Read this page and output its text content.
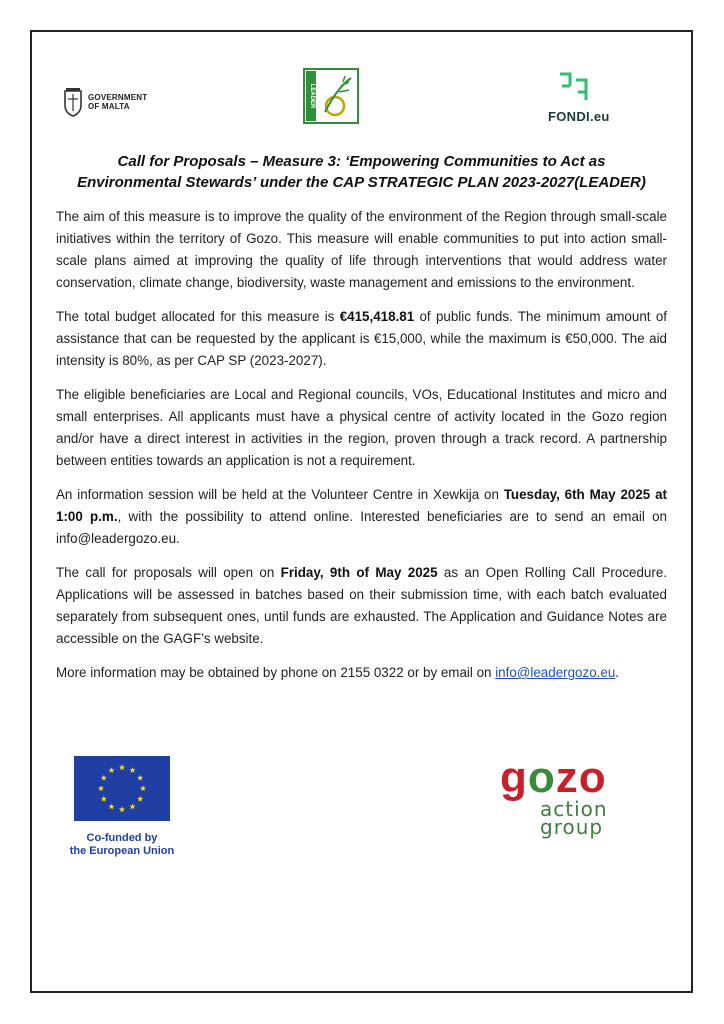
GOVERNMENT
OF MALTA	LEADER
FONDI.eu
Call for Proposals – Measure 3: ‘Empowering Communities to Act as
Environmental Stewards’ under the CAP STRATEGIC PLAN 2023-2027(LEADER)

The aim of this measure is to improve the quality of the environment of the Region through small-scale initiatives within the territory of Gozo. This measure will enable communities to put into action small-scale plans aimed at improving the quality of life through interventions that would address water conservation, climate change, biodiversity, waste management and emissions to the environment.

The total budget allocated for this measure is €415,418.81 of public funds. The minimum amount of assistance that can be requested by the applicant is €15,000, while the maximum is €50,000. The aid intensity is 80%, as per CAP SP (2023-2027).

The eligible beneficiaries are Local and Regional councils, VOs, Educational Institutes and micro and small enterprises. All applicants must have a physical centre of activity located in the Gozo region and/or have a direct interest in activities in the region, proven through a track record. A partnership between entities towards an application is not a requirement.

An information session will be held at the Volunteer Centre in Xewkija on Tuesday, 6th May 2025 at 1:00 p.m., with the possibility to attend online. Interested beneficiaries are to send an email on info@leadergozo.eu.

The call for proposals will open on Friday, 9th of May 2025 as an Open Rolling Call Procedure. Applications will be assessed in batches based on their submission time, with each batch evaluated separately from subsequent ones, until funds are exhausted. The Application and Guidance Notes are accessible on the GAGF’s website.

More information may be obtained by phone on 2155 0322 or by email on info@leadergozo.eu.

Co-funded by
the European Union
gozo
action
group
